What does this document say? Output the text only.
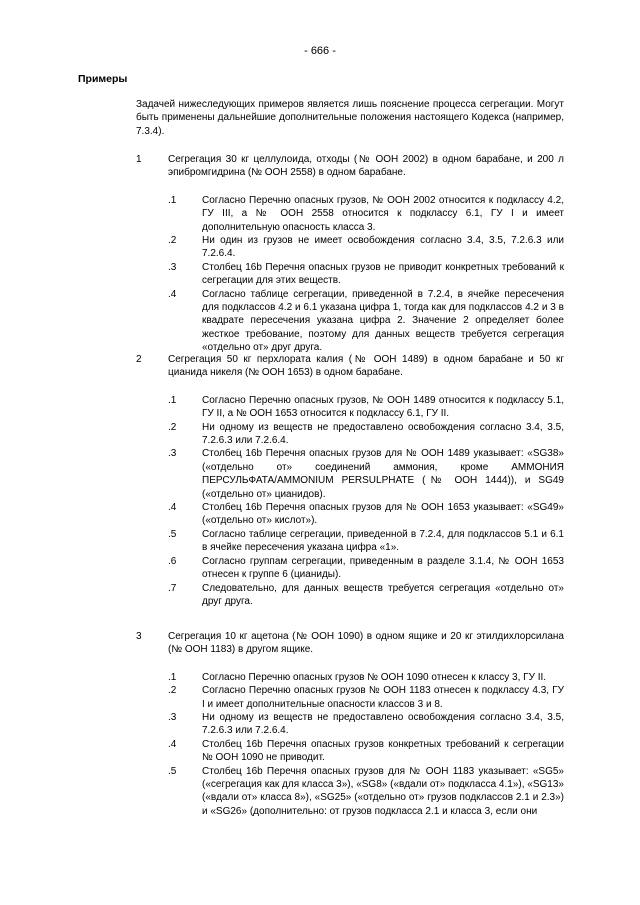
- 666 -
Примеры
Задачей нижеследующих примеров является лишь пояснение процесса сегрегации. Могут быть применены дальнейшие дополнительные положения настоящего Кодекса (например, 7.3.4).
1	Сегрегация 30 кг целлулоида, отходы (№ ООН 2002) в одном барабане, и 200 л эпибромгидрина (№ ООН 2558) в одном барабане.
.1	Согласно Перечню опасных грузов, № ООН 2002 относится к подклассу 4.2, ГУ III, а № ООН 2558 относится к подклассу 6.1, ГУ I и имеет дополнительную опасность класса 3.
.2	Ни один из грузов не имеет освобождения согласно 3.4, 3.5, 7.2.6.3 или 7.2.6.4.
.3	Столбец 16b Перечня опасных грузов не приводит конкретных требований к сегрегации для этих веществ.
.4	Согласно таблице сегрегации, приведенной в 7.2.4, в ячейке пересечения для подклассов 4.2 и 6.1 указана цифра 1, тогда как для подклассов 4.2 и 3 в квадрате пересечения указана цифра 2. Значение 2 определяет более жесткое требование, поэтому для данных веществ требуется сегрегация «отдельно от» друг друга.
2	Сегрегация 50 кг перхлората калия (№ ООН 1489) в одном барабане и 50 кг цианида никеля (№ ООН 1653) в одном барабане.
.1	Согласно Перечню опасных грузов, № ООН 1489 относится к подклассу 5.1, ГУ II, а № ООН 1653 относится к подклассу 6.1, ГУ II.
.2	Ни одному из веществ не предоставлено освобождения согласно 3.4, 3.5, 7.2.6.3 или 7.2.6.4.
.3	Столбец 16b Перечня опасных грузов для № ООН 1489 указывает: «SG38» («отдельно от» соединений аммония, кроме АММОНИЯ ПЕРСУЛЬФАТА/AMMONIUM PERSULPHATE (№ ООН 1444)), и SG49 («отдельно от» цианидов).
.4	Столбец 16b Перечня опасных грузов для № ООН 1653 указывает: «SG49» («отдельно от» кислот»).
.5	Согласно таблице сегрегации, приведенной в 7.2.4, для подклассов 5.1 и 6.1 в ячейке пересечения указана цифра «1».
.6	Согласно группам сегрегации, приведенным в разделе 3.1.4, № ООН 1653 отнесен к группе 6 (цианиды).
.7	Следовательно, для данных веществ требуется сегрегация «отдельно от» друг друга.
3	Сегрегация 10 кг ацетона (№ ООН 1090) в одном ящике и 20 кг этилдихлорсилана (№ ООН 1183) в другом ящике.
.1	Согласно Перечню опасных грузов № ООН 1090 отнесен к классу 3, ГУ II.
.2	Согласно Перечню опасных грузов № ООН 1183 отнесен к подклассу 4.3, ГУ I и имеет дополнительные опасности классов 3 и 8.
.3	Ни одному из веществ не предоставлено освобождения согласно 3.4, 3.5, 7.2.6.3 или 7.2.6.4.
.4	Столбец 16b Перечня опасных грузов конкретных требований к сегрегации № ООН 1090 не приводит.
.5	Столбец 16b Перечня опасных грузов для № ООН 1183 указывает: «SG5» («сегрегация как для класса 3»), «SG8» («вдали от» подкласса 4.1»), «SG13» («вдали от» класса 8»), «SG25» («отдельно от» грузов подклассов 2.1 и 2.3») и «SG26» (дополнительно: от грузов подкласса 2.1 и класса 3, если они
